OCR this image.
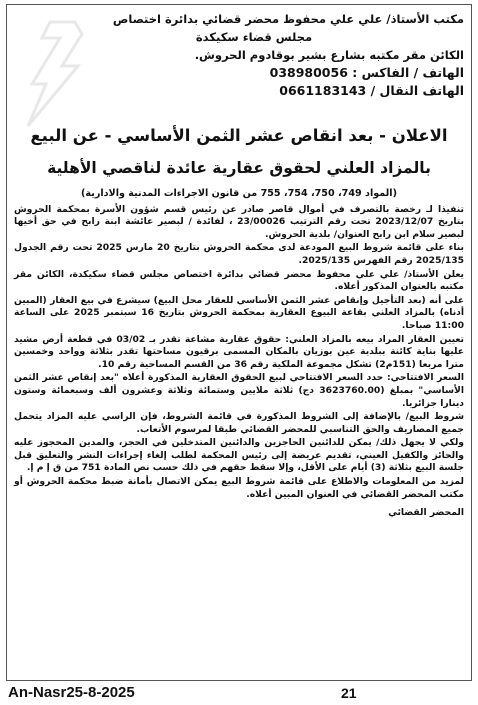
مكتب الأستاذ/ علي علي محفوظ محضر قضائي بدائرة اختصاص
مجلس قضاء سكيكدة
الكائن مقر مكتبه بشارع بشير بوقادوم الحروش.
الهاتف / الفاكس : 038980056
الهاتف النقال / 0661183143
الاعلان - بعد انقاص عشر الثمن الأساسي - عن البيع
بالمزاد العلني لحقوق عقارية عائدة لناقصي الأهلية

(المواد 749، 750، 754، 755 من قانون الاجراءات المدنية والادارية)

تنفيذا لـ رخصة بالتصرف في أموال قاصر صادر عن رئيس قسم شؤون الأسرة بمحكمة الحروش بتاريخ 2023/12/07 تحت رقم الترتيب 23/00026 ، لفائدة / لبصير عائشة ابنة رابح في حق أخيها لبصير سلام ابن رابح العنوان/ بلدية الحروش.

بناء على قائمة شروط البيع المودعة لدى محكمة الحروش بتاريخ 20 مارس 2025 تحت رقم الجدول 2025/135 رقم الفهرس 2025/135.

يعلن الأستاذ/ علي علي محفوظ محضر قضائي بدائرة اختصاص مجلس قضاء سكيكدة، الكائن مقر مكتبه بالعنوان المذكور أعلاه.

على أنه (بعد التأجيل وإنقاص عشر الثمن الأساسي للعقار محل البيع) سيشرع في بيع العقار (المبين أدناه) بالمزاد العلني بقاعة البيوع العقارية بمحكمة الحروش بتاريخ 16 سبتمبر 2025 على الساعة 11:00 صباحا.

تعيين العقار المراد بيعه بالمزاد العلني: حقوق عقارية مشاعة تقدر بـ 03/02 في قطعة أرض مشيد عليها بناية كائنة ببلدية عين بوزيان بالمكان المسمى برقيون مساحتها تقدر بثلاثة وواحد وخمسين مترا مربعا (151م2) تشكل مجموعة الملكية رقم 36 من القسم المساحية رقم 10.

السعر الافتتاحي: حدد السعر الافتتاحي لبيع الحقوق العقارية المذكورة أعلاه "بعد إنقاص عشر الثمن الأساسي" بمبلغ (3623760.00 دج) ثلاثة ملايين وستمائة وثلاثة وعشرون ألف وسبعمائة وستون دينارا جزائريا.

شروط البيع/ بالإضافة إلى الشروط المذكورة في قائمة الشروط، فإن الراسي عليه المزاد يتحمل جميع المصاريف والحق التناسبي للمحضر القضائي طبقا لمرسوم الأتعاب.

ولكي لا يجهل ذلك/ يمكن للدائنين الحاجزين والدائنين المتدخلين في الحجز، والمدين المحجوز عليه والحائز والكفيل العيني، تقديم عريضة إلى رئيس المحكمة لطلب إلغاء إجراءات النشر والتعليق قبل جلسة البيع بثلاثة (3) أيام على الأقل، وإلا سقط حقهم في ذلك حسب نص المادة 751 من ق إ م إ.

لمزيد من المعلومات والاطلاع على قائمة شروط البيع يمكن الاتصال بأمانة ضبط محكمة الحروش أو مكتب المحضر القضائي في العنوان المبين أعلاه.

المحضر القضائي

An-Nasr25-8-2025	21
